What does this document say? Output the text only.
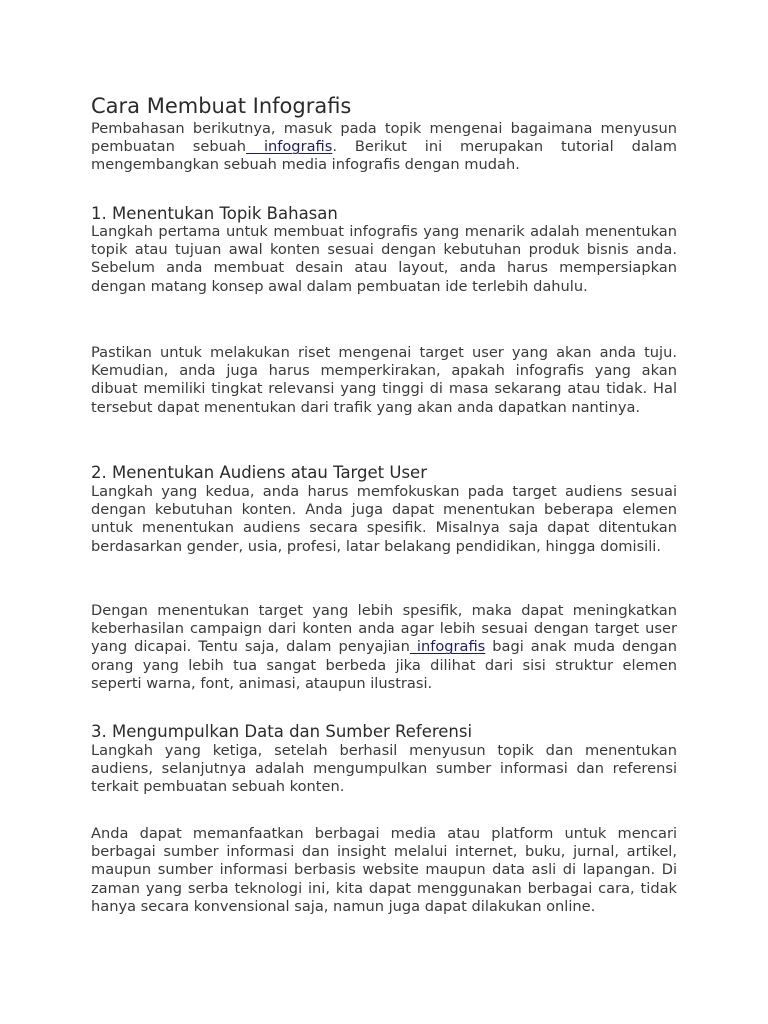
Cara Membuat Infografis

Pembahasan berikutnya, masuk pada topik mengenai bagaimana menyusun pembuatan sebuah infografis. Berikut ini merupakan tutorial dalam mengembangkan sebuah media infografis dengan mudah.

1. Menentukan Topik Bahasan

Langkah pertama untuk membuat infografis yang menarik adalah menentukan topik atau tujuan awal konten sesuai dengan kebutuhan produk bisnis anda. Sebelum anda membuat desain atau layout, anda harus mempersiapkan dengan matang konsep awal dalam pembuatan ide terlebih dahulu.

Pastikan untuk melakukan riset mengenai target user yang akan anda tuju. Kemudian, anda juga harus memperkirakan, apakah infografis yang akan dibuat memiliki tingkat relevansi yang tinggi di masa sekarang atau tidak. Hal tersebut dapat menentukan dari trafik yang akan anda dapatkan nantinya.

2. Menentukan Audiens atau Target User

Langkah yang kedua, anda harus memfokuskan pada target audiens sesuai dengan kebutuhan konten. Anda juga dapat menentukan beberapa elemen untuk menentukan audiens secara spesifik. Misalnya saja dapat ditentukan berdasarkan gender, usia, profesi, latar belakang pendidikan, hingga domisili.

Dengan menentukan target yang lebih spesifik, maka dapat meningkatkan keberhasilan campaign dari konten anda agar lebih sesuai dengan target user yang dicapai. Tentu saja, dalam penyajian infografis bagi anak muda dengan orang yang lebih tua sangat berbeda jika dilihat dari sisi struktur elemen seperti warna, font, animasi, ataupun ilustrasi.

3. Mengumpulkan Data dan Sumber Referensi

Langkah yang ketiga, setelah berhasil menyusun topik dan menentukan audiens, selanjutnya adalah mengumpulkan sumber informasi dan referensi terkait pembuatan sebuah konten.

Anda dapat memanfaatkan berbagai media atau platform untuk mencari berbagai sumber informasi dan insight melalui internet, buku, jurnal, artikel, maupun sumber informasi berbasis website maupun data asli di lapangan. Di zaman yang serba teknologi ini, kita dapat menggunakan berbagai cara, tidak hanya secara konvensional saja, namun juga dapat dilakukan online.
